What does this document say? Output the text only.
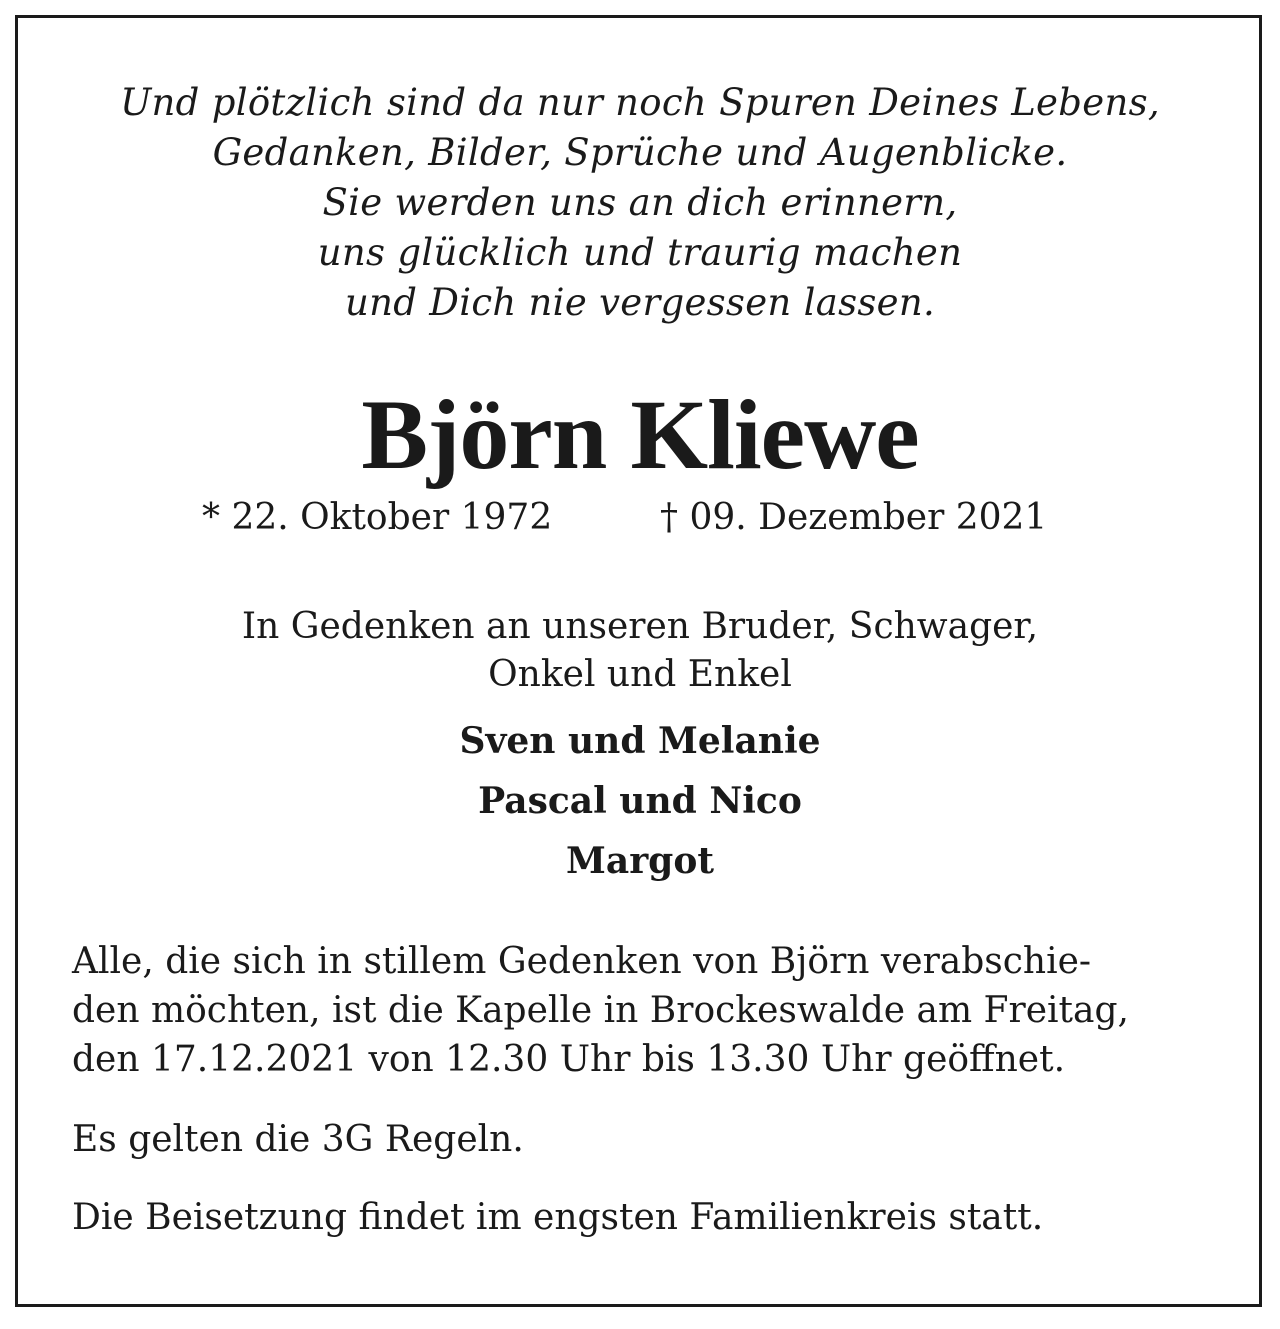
Und plötzlich sind da nur noch Spuren Deines Lebens,
Gedanken, Bilder, Sprüche und Augenblicke.
Sie werden uns an dich erinnern,
uns glücklich und traurig machen
und Dich nie vergessen lassen.
Björn Kliewe
* 22. Oktober 1972	† 09. Dezember 2021
In Gedenken an unseren Bruder, Schwager,
Onkel und Enkel
Sven und Melanie
Pascal und Nico
Margot
Alle, die sich in stillem Gedenken von Björn verabschie-
den möchten, ist die Kapelle in Brockeswalde am Freitag,
den 17.12.2021 von 12.30 Uhr bis 13.30 Uhr geöffnet.
Es gelten die 3G Regeln.
Die Beisetzung findet im engsten Familienkreis statt.
